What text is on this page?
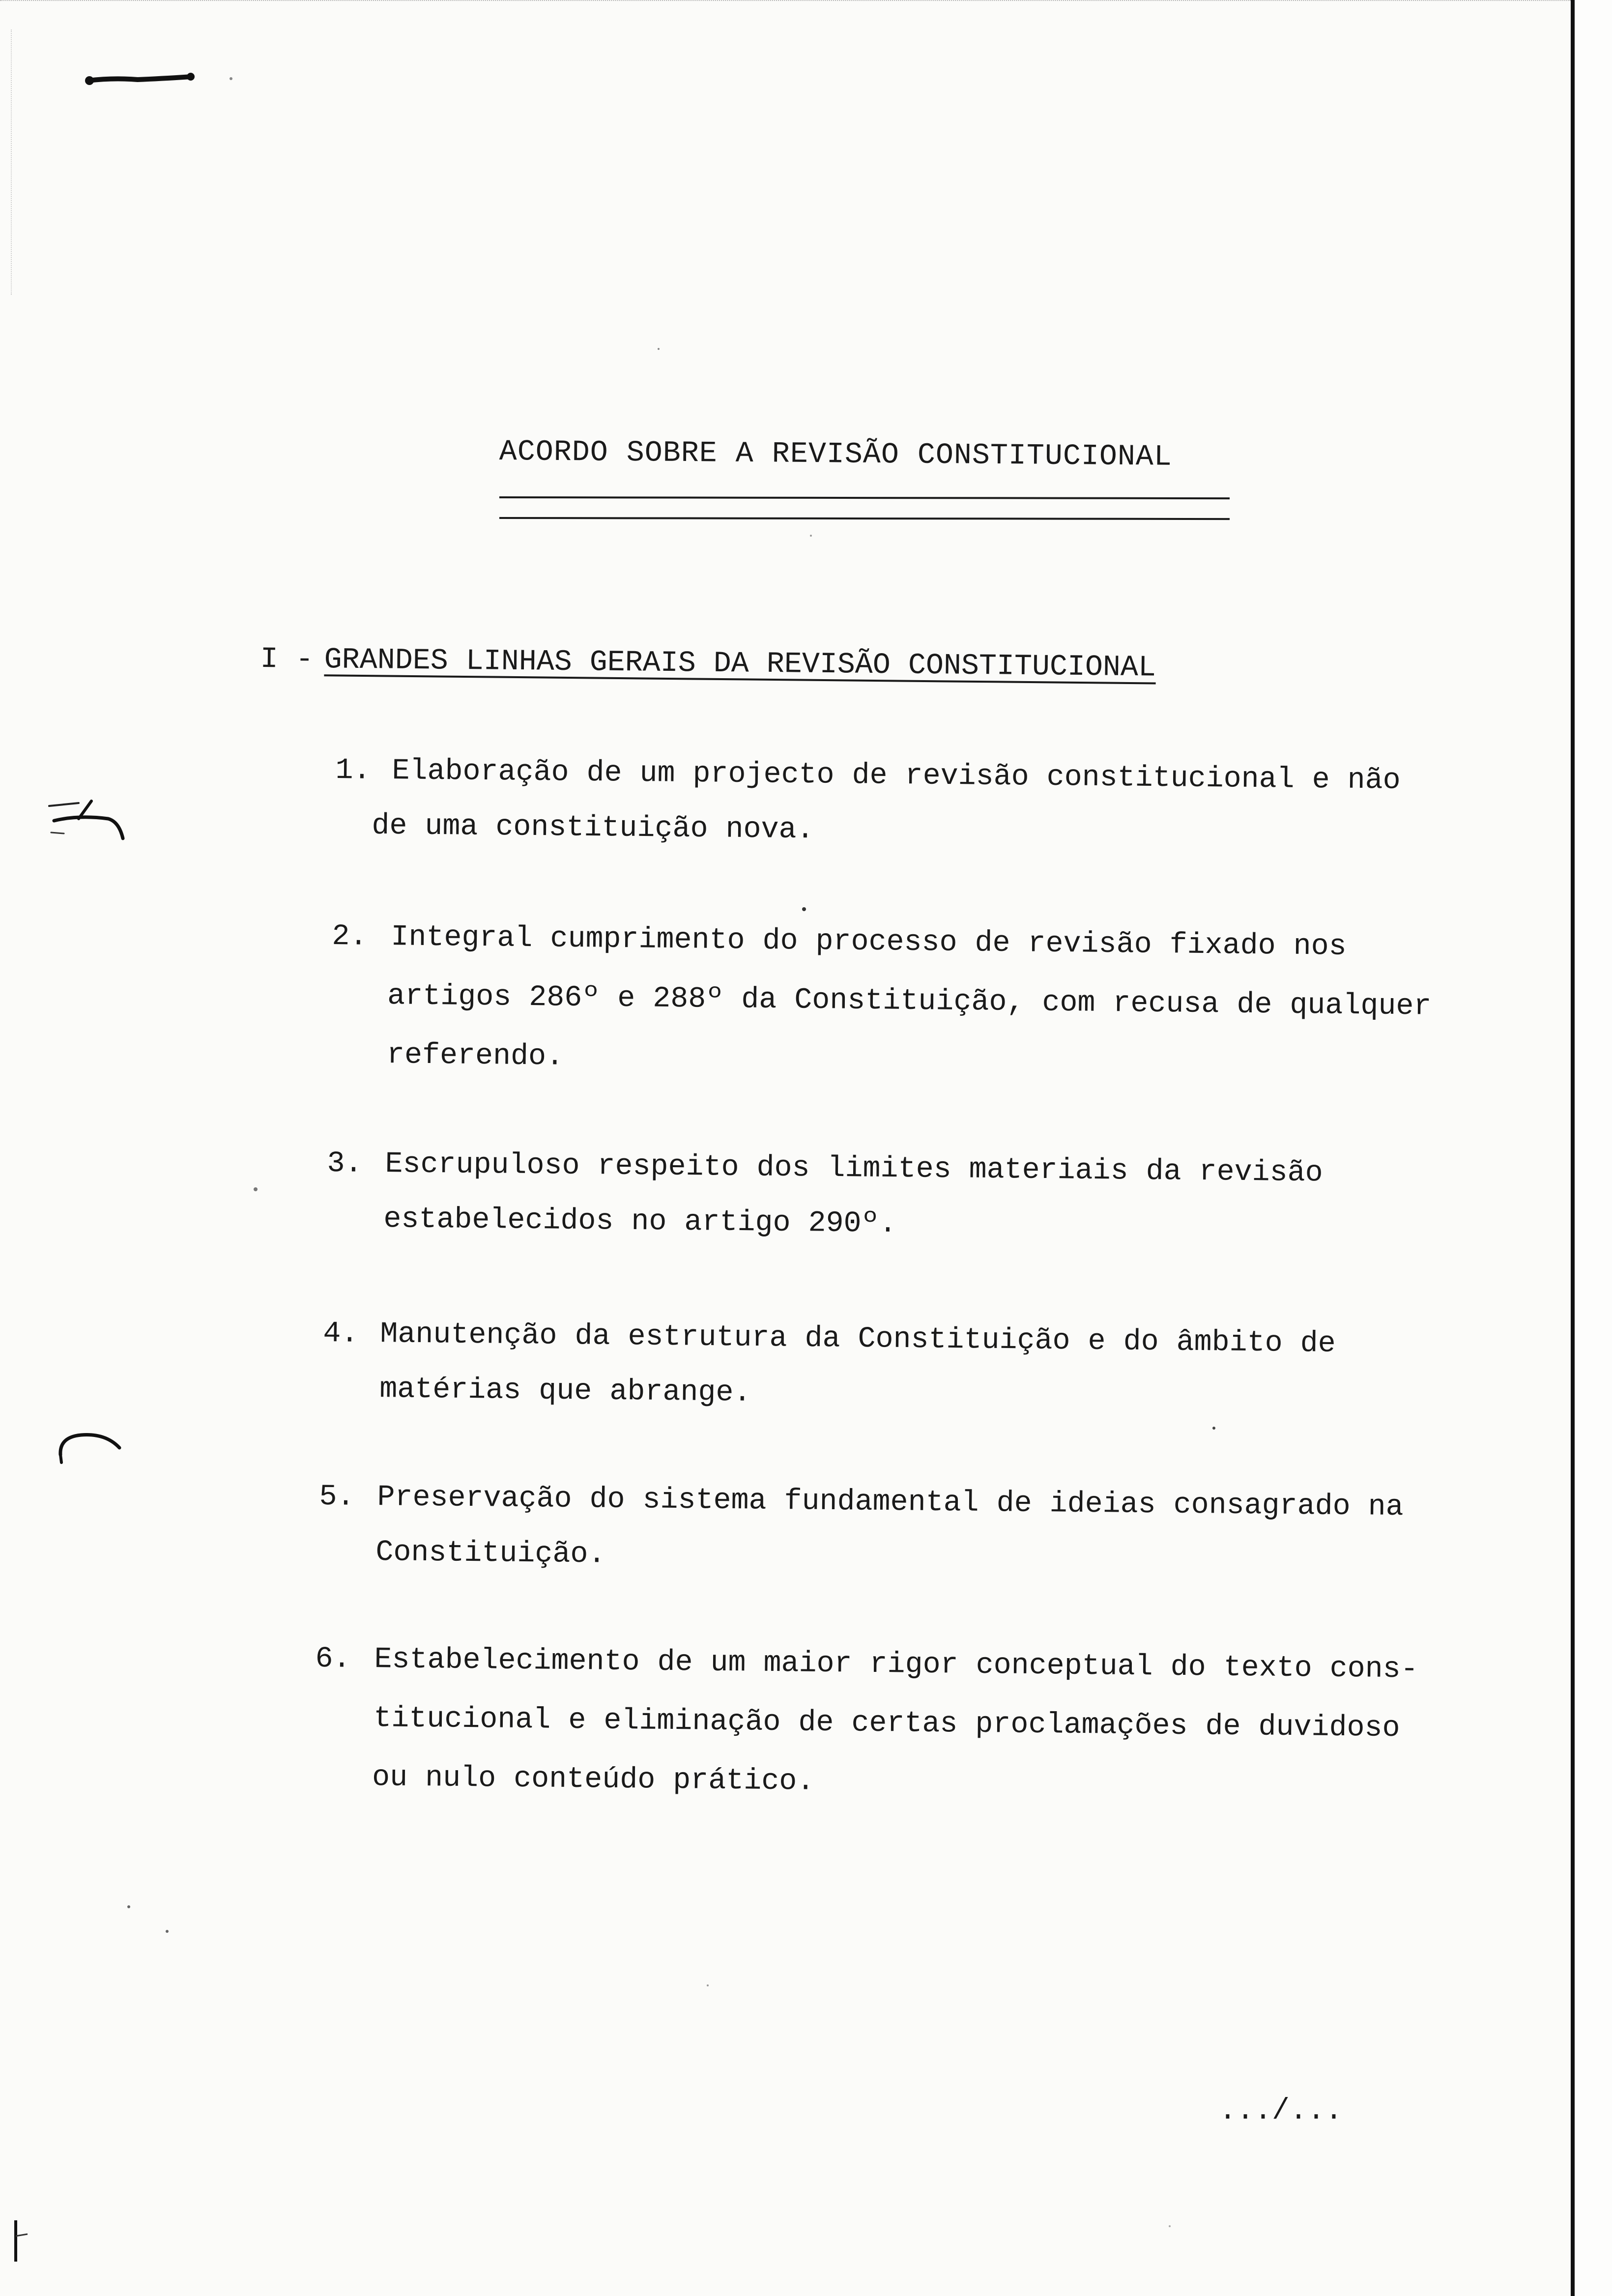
ACORDO SOBRE A REVISÃO CONSTITUCIONAL
I - GRANDES LINHAS GERAIS DA REVISÃO CONSTITUCIONAL
1. Elaboração de um projecto de revisão constitucional e não
de uma constituição nova.
2. Integral cumprimento do processo de revisão fixado nos
artigos 286º e 288º da Constituição, com recusa de qualquer
referendo.
3. Escrupuloso respeito dos limites materiais da revisão
estabelecidos no artigo 290º.
4. Manutenção da estrutura da Constituição e do âmbito de
matérias que abrange.
5. Preservação do sistema fundamental de ideias consagrado na
Constituição.
6. Estabelecimento de um maior rigor conceptual do texto cons-
titucional e eliminação de certas proclamações de duvidoso
ou nulo conteúdo prático.
.../...
